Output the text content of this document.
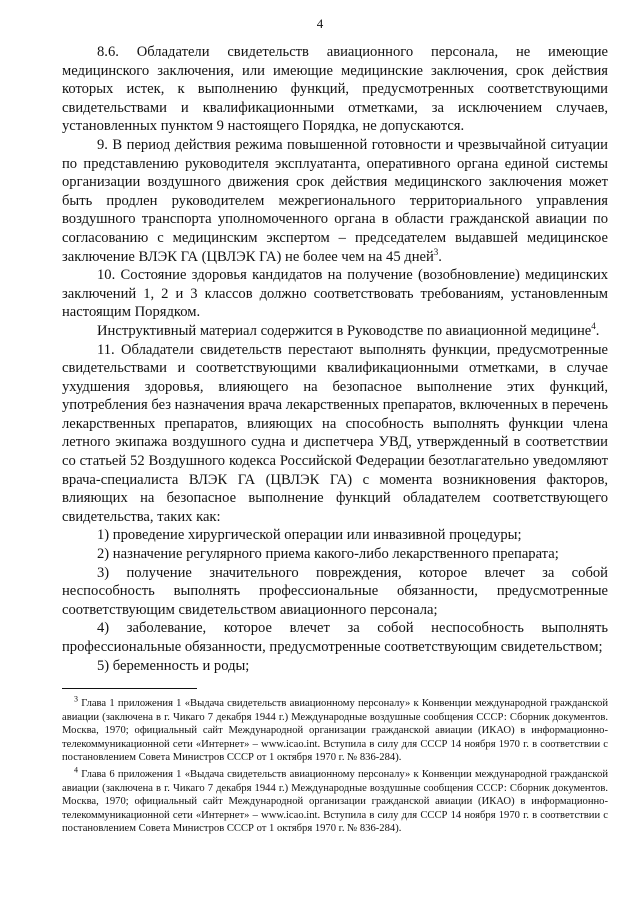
4

8.6. Обладатели свидетельств авиационного персонала, не имеющие медицинского заключения, или имеющие медицинские заключения, срок действия которых истек, к выполнению функций, предусмотренных соответствующими свидетельствами и квалификационными отметками, за исключением случаев, установленных пунктом 9 настоящего Порядка, не допускаются.

9. В период действия режима повышенной готовности и чрезвычайной ситуации по представлению руководителя эксплуатанта, оперативного органа единой системы организации воздушного движения срок действия медицинского заключения может быть продлен руководителем межрегионального территориального управления воздушного транспорта уполномоченного органа в области гражданской авиации по согласованию с медицинским экспертом – председателем выдавшей медицинское заключение ВЛЭК ГА (ЦВЛЭК ГА) не более чем на 45 дней$^3$.

10. Состояние здоровья кандидатов на получение (возобновление) медицинских заключений 1, 2 и 3 классов должно соответствовать требованиям, установленным настоящим Порядком.

Инструктивный материал содержится в Руководстве по авиационной медицине$^4$.

11. Обладатели свидетельств перестают выполнять функции, предусмотренные свидетельствами и соответствующими квалификационными отметками, в случае ухудшения здоровья, влияющего на безопасное выполнение этих функций, употребления без назначения врача лекарственных препаратов, включенных в перечень лекарственных препаратов, влияющих на способность выполнять функции члена летного экипажа воздушного судна и диспетчера УВД, утвержденный в соответствии со статьей 52 Воздушного кодекса Российской Федерации безотлагательно уведомляют врача-специалиста ВЛЭК ГА (ЦВЛЭК ГА) с момента возникновения факторов, влияющих на безопасное выполнение функций обладателем соответствующего свидетельства, таких как:

1) проведение хирургической операции или инвазивной процедуры;

2) назначение регулярного приема какого-либо лекарственного препарата;

3) получение значительного повреждения, которое влечет за собой неспособность выполнять профессиональные обязанности, предусмотренные соответствующим свидетельством авиационного персонала;

4) заболевание, которое влечет за собой неспособность выполнять профессиональные обязанности, предусмотренные соответствующим свидетельством;

5) беременность и роды;

$^3$ Глава 1 приложения 1 «Выдача свидетельств авиационному персоналу» к Конвенции международной гражданской авиации (заключена в г. Чикаго 7 декабря 1944 г.) Международные воздушные сообщения СССР: Сборник документов. Москва, 1970; официальный сайт Международной организации гражданской авиации (ИКАО) в информационно-телекоммуникационной сети «Интернет» – www.icao.int. Вступила в силу для СССР 14 ноября 1970 г. в соответствии с постановлением Совета Министров СССР от 1 октября 1970 г. № 836-284).

$^4$ Глава 6 приложения 1 «Выдача свидетельств авиационному персоналу» к Конвенции международной гражданской авиации (заключена в г. Чикаго 7 декабря 1944 г.) Международные воздушные сообщения СССР: Сборник документов. Москва, 1970; официальный сайт Международной организации гражданской авиации (ИКАО) в информационно-телекоммуникационной сети «Интернет» – www.icao.int. Вступила в силу для СССР 14 ноября 1970 г. в соответствии с постановлением Совета Министров СССР от 1 октября 1970 г. № 836-284).
